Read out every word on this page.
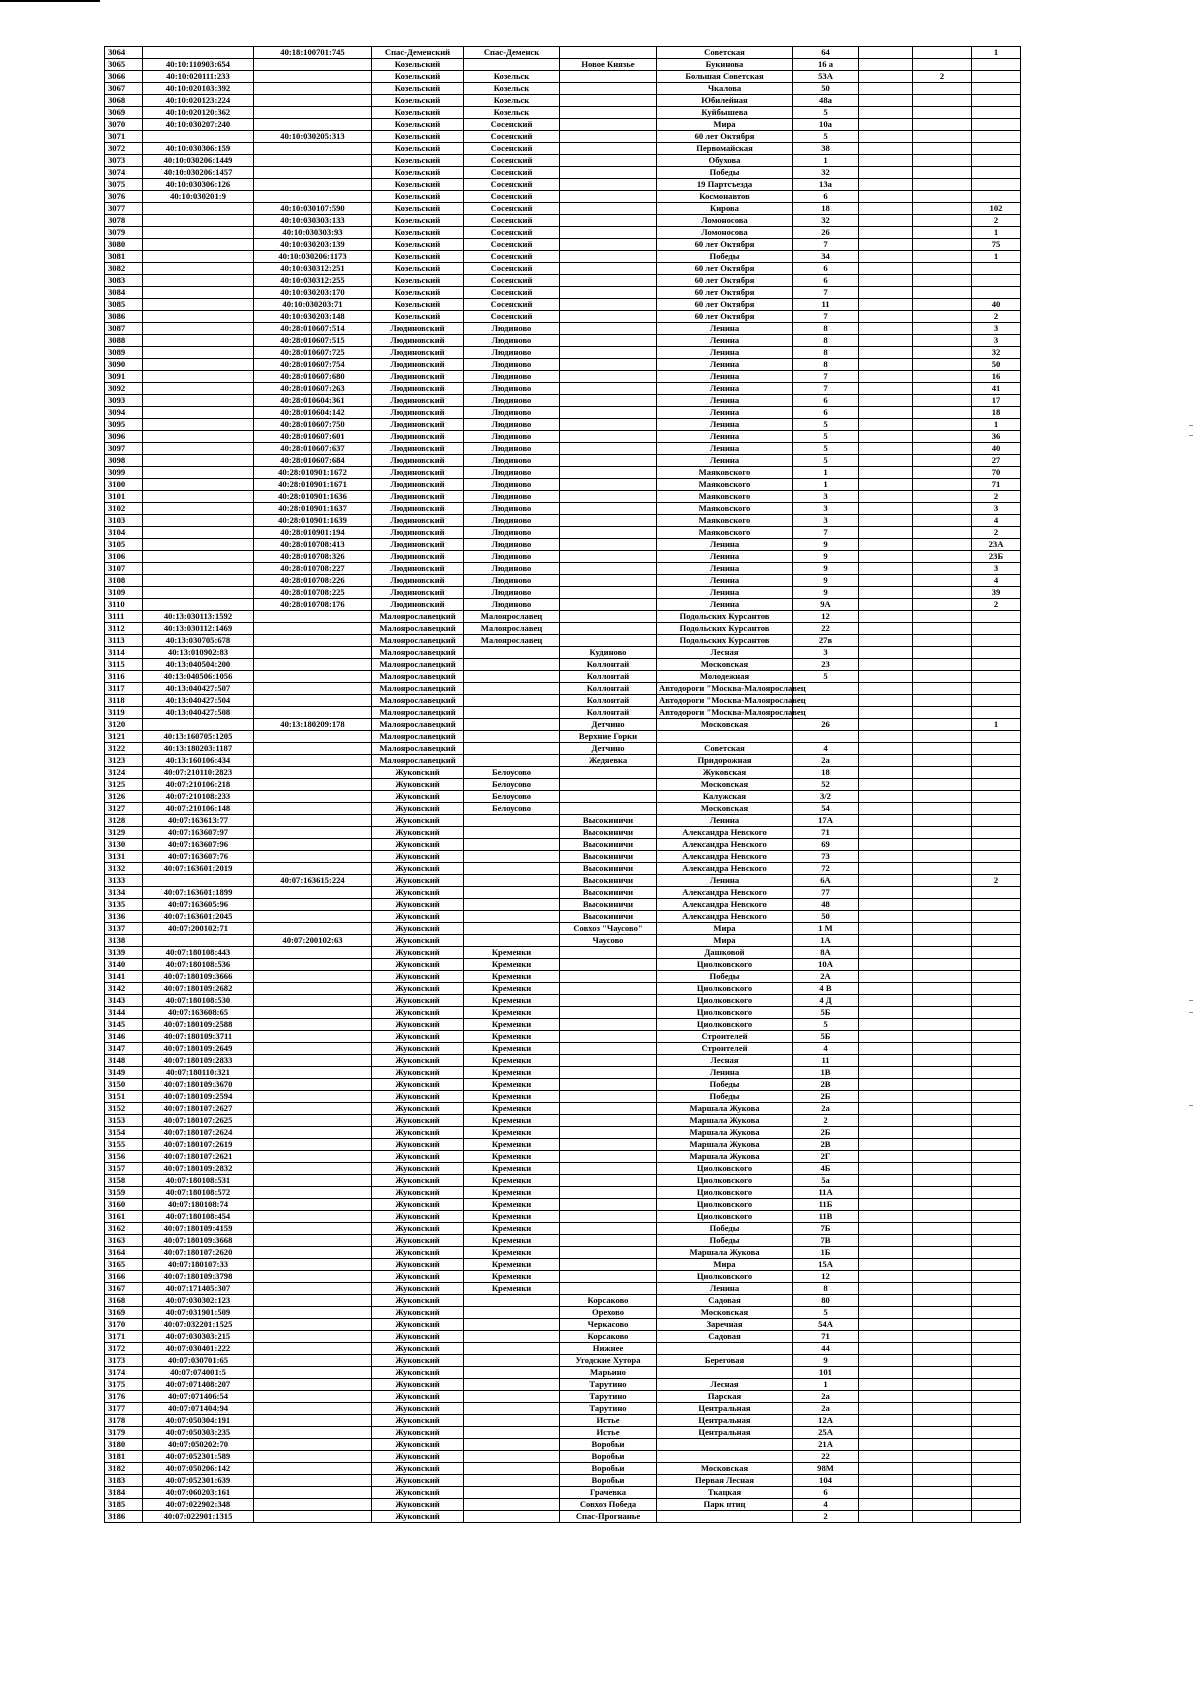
3064		40:18:100701:745	Спас-Деменский	Спас-Деменск		Советская	64			1
3065	40:10:110903:654		Козельский		Новое Князье	Букинова	16 а			
3066	40:10:020111:233		Козельский	Козельск		Большая Советская	53А		2	
3067	40:10:020103:392		Козельский	Козельск		Чкалова	50			
3068	40:10:020123:224		Козельский	Козельск		Юбилейная	48а			
3069	40:10:020120:362		Козельский	Козельск		Куйбышева	5			
3070	40:10:030207:240		Козельский	Сосенский		Мира	10а			
3071		40:10:030205:313	Козельский	Сосенский		60 лет Октября	5			
3072	40:10:030306:159		Козельский	Сосенский		Первомайская	38			
3073	40:10:030206:1449		Козельский	Сосенский		Обухова	1			
3074	40:10:030206:1457		Козельский	Сосенский		Победы	32			
3075	40:10:030306:126		Козельский	Сосенский		19 Партсъезда	13а			
3076	40:10:030201:9		Козельский	Сосенский		Космонавтов	6			
3077		40:10:030107:590	Козельский	Сосенский		Кирова	18			102
3078		40:10:030303:133	Козельский	Сосенский		Ломоносова	32			2
3079		40:10:030303:93	Козельский	Сосенский		Ломоносова	26			1
3080		40:10:030203:139	Козельский	Сосенский		60 лет Октября	7			75
3081		40:10:030206:1173	Козельский	Сосенский		Победы	34			1
3082		40:10:030312:251	Козельский	Сосенский		60 лет Октября	6			
3083		40:10:030312:255	Козельский	Сосенский		60 лет Октября	6			
3084		40:10:030203:170	Козельский	Сосенский		60 лет Октября	7			
3085		40:10:030203:71	Козельский	Сосенский		60 лет Октября	11			40
3086		40:10:030203:148	Козельский	Сосенский		60 лет Октября	7			2
3087		40:28:010607:514	Людиновский	Людиново		Ленина	8			3
3088		40:28:010607:515	Людиновский	Людиново		Ленина	8			3
3089		40:28:010607:725	Людиновский	Людиново		Ленина	8			32
3090		40:28:010607:754	Людиновский	Людиново		Ленина	8			50
3091		40:28:010607:680	Людиновский	Людиново		Ленина	7			16
3092		40:28:010607:263	Людиновский	Людиново		Ленина	7			41
3093		40:28:010604:361	Людиновский	Людиново		Ленина	6			17
3094		40:28:010604:142	Людиновский	Людиново		Ленина	6			18
3095		40:28:010607:750	Людиновский	Людиново		Ленина	5			1
3096		40:28:010607:601	Людиновский	Людиново		Ленина	5			36
3097		40:28:010607:637	Людиновский	Людиново		Ленина	5			40
3098		40:28:010607:684	Людиновский	Людиново		Ленина	5			27
3099		40:28:010901:1672	Людиновский	Людиново		Маяковского	1			70
3100		40:28:010901:1671	Людиновский	Людиново		Маяковского	1			71
3101		40:28:010901:1636	Людиновский	Людиново		Маяковского	3			2
3102		40:28:010901:1637	Людиновский	Людиново		Маяковского	3			3
3103		40:28:010901:1639	Людиновский	Людиново		Маяковского	3			4
3104		40:28:010901:194	Людиновский	Людиново		Маяковского	7			2
3105		40:28:010708:413	Людиновский	Людиново		Ленина	9			23А
3106		40:28:010708:326	Людиновский	Людиново		Ленина	9			23Б
3107		40:28:010708:227	Людиновский	Людиново		Ленина	9			3
3108		40:28:010708:226	Людиновский	Людиново		Ленина	9			4
3109		40:28:010708:225	Людиновский	Людиново		Ленина	9			39
3110		40:28:010708:176	Людиновский	Людиново		Ленина	9А			2
3111	40:13:030113:1592		Малоярославецкий	Малоярославец		Подольских Курсантов	12			
3112	40:13:030112:1469		Малоярославецкий	Малоярославец		Подольских Курсантов	22			
3113	40:13:030705:678		Малоярославецкий	Малоярославец		Подольских Курсантов	27в			
3114	40:13:010902:83		Малоярославецкий		Кудиново	Лесная	3			
3115	40:13:040504:200		Малоярославецкий		Коллонтай	Московская	23			
3116	40:13:040506:1056		Малоярославецкий		Коллонтай	Молодежная	5			
3117	40:13:040427:507		Малоярославецкий		Коллонтай	Автодороги "Москва-Малоярославец				
3118	40:13:040427:504		Малоярославецкий		Коллонтай	Автодороги "Москва-Малоярославец				
3119	40:13:040427:508		Малоярославецкий		Коллонтай	Автодороги "Москва-Малоярославец				
3120		40:13:180209:178	Малоярославецкий		Детчино	Московская	26			1
3121	40:13:160705:1205		Малоярославецкий		Верхние Горки					
3122	40:13:180203:1187		Малоярославецкий		Детчино	Советская	4			
3123	40:13:160106:434		Малоярославецкий		Жедяевка	Придорожная	2а			
3124	40:07:210110:2823		Жуковский	Белоусово		Жуковская	18			
3125	40:07:210106:218		Жуковский	Белоусово		Московская	52			
3126	40:07:210108:233		Жуковский	Белоусово		Калужская	3/2			
3127	40:07:210106:148		Жуковский	Белоусово		Московская	54			
3128	40:07:163613:77		Жуковский		Высокиничи	Ленина	17А			
3129	40:07:163607:97		Жуковский		Высокиничи	Александра Невского	71			
3130	40:07:163607:96		Жуковский		Высокиничи	Александра Невского	69			
3131	40:07:163607:76		Жуковский		Высокиничи	Александра Невского	73			
3132	40:07:163601:2019		Жуковский		Высокиничи	Александра Невского	72			
3133		40:07:163615:224	Жуковский		Высокиничи	Ленина	6А			2
3134	40:07:163601:1899		Жуковский		Высокиничи	Александра Невского	77			
3135	40:07:163605:96		Жуковский		Высокиничи	Александра Невского	48			
3136	40:07:163601:2045		Жуковский		Высокиничи	Александра Невского	50			
3137	40:07:200102:71		Жуковский		Совхоз "Чаусово"	Мира	1 М			
3138		40:07:200102:63	Жуковский		Чаусово	Мира	1А			
3139	40:07:180108:443		Жуковский	Кременки		Дашковой	8А			
3140	40:07:180108:536		Жуковский	Кременки		Циолковского	10А			
3141	40:07:180109:3666		Жуковский	Кременки		Победы	2А			
3142	40:07:180109:2682		Жуковский	Кременки		Циолковского	4 В			
3143	40:07:180108:530		Жуковский	Кременки		Циолковского	4 Д			
3144	40:07:163608:65		Жуковский	Кременки		Циолковского	5Б			
3145	40:07:180109:2588		Жуковский	Кременки		Циолковского	5			
3146	40:07:180109:3711		Жуковский	Кременки		Строителей	5Б			
3147	40:07:180109:2649		Жуковский	Кременки		Строителей	4			
3148	40:07:180109:2833		Жуковский	Кременки		Лесная	11			
3149	40:07:180110:321		Жуковский	Кременки		Ленина	1В			
3150	40:07:180109:3670		Жуковский	Кременки		Победы	2В			
3151	40:07:180109:2594		Жуковский	Кременки		Победы	2Б			
3152	40:07:180107:2627		Жуковский	Кременки		Маршала Жукова	2а			
3153	40:07:180107:2625		Жуковский	Кременки		Маршала Жукова	2			
3154	40:07:180107:2624		Жуковский	Кременки		Маршала Жукова	2Б			
3155	40:07:180107:2619		Жуковский	Кременки		Маршала Жукова	2В			
3156	40:07:180107:2621		Жуковский	Кременки		Маршала Жукова	2Г			
3157	40:07:180109:2832		Жуковский	Кременки		Циолковского	4Б			
3158	40:07:180108:531		Жуковский	Кременки		Циолковского	5а			
3159	40:07:180108:572		Жуковский	Кременки		Циолковского	11А			
3160	40:07:180108:74		Жуковский	Кременки		Циолковского	11Б			
3161	40:07:180108:454		Жуковский	Кременки		Циолковского	11В			
3162	40:07:180109:4159		Жуковский	Кременки		Победы	7Б			
3163	40:07:180109:3668		Жуковский	Кременки		Победы	7В			
3164	40:07:180107:2620		Жуковский	Кременки		Маршала Жукова	1Б			
3165	40:07:180107:33		Жуковский	Кременки		Мира	15А			
3166	40:07:180109:3798		Жуковский	Кременки		Циолковского	12			
3167	40:07:171405:307		Жуковский	Кременки		Ленина	8			
3168	40:07:030302:123		Жуковский		Корсаково	Садовая	80			
3169	40:07:031901:509		Жуковский		Орехово	Московская	5			
3170	40:07:032201:1525		Жуковский		Черкасово	Заречная	54А			
3171	40:07:030303:215		Жуковский		Корсаково	Садовая	71			
3172	40:07:030401:222		Жуковский		Нижнее		44			
3173	40:07:030701:65		Жуковский		Угодские Хутора	Береговая	9			
3174	40:07:074001:5		Жуковский		Марьино		101			
3175	40:07:071408:207		Жуковский		Тарутино	Лесная	1			
3176	40:07:071406:54		Жуковский		Тарутино	Парская	2а			
3177	40:07:071404:94		Жуковский		Тарутино	Центральная	2а			
3178	40:07:050304:191		Жуковский		Истье	Центральная	12А			
3179	40:07:050303:235		Жуковский		Истье	Центральная	25А			
3180	40:07:050202:70		Жуковский		Воробьи		21А			
3181	40:07:052301:589		Жуковский		Воробьи		22			
3182	40:07:050206:142		Жуковский		Воробьи	Московская	98М			
3183	40:07:052301:639		Жуковский		Воробьи	Первая Лесная	104			
3184	40:07:060203:161		Жуковский		Грачевка	Ткацкая	6			
3185	40:07:022902:348		Жуковский		Совхоз Победа	Парк птиц	4			
3186	40:07:022901:1315		Жуковский		Спас-Прогнанье		2			
